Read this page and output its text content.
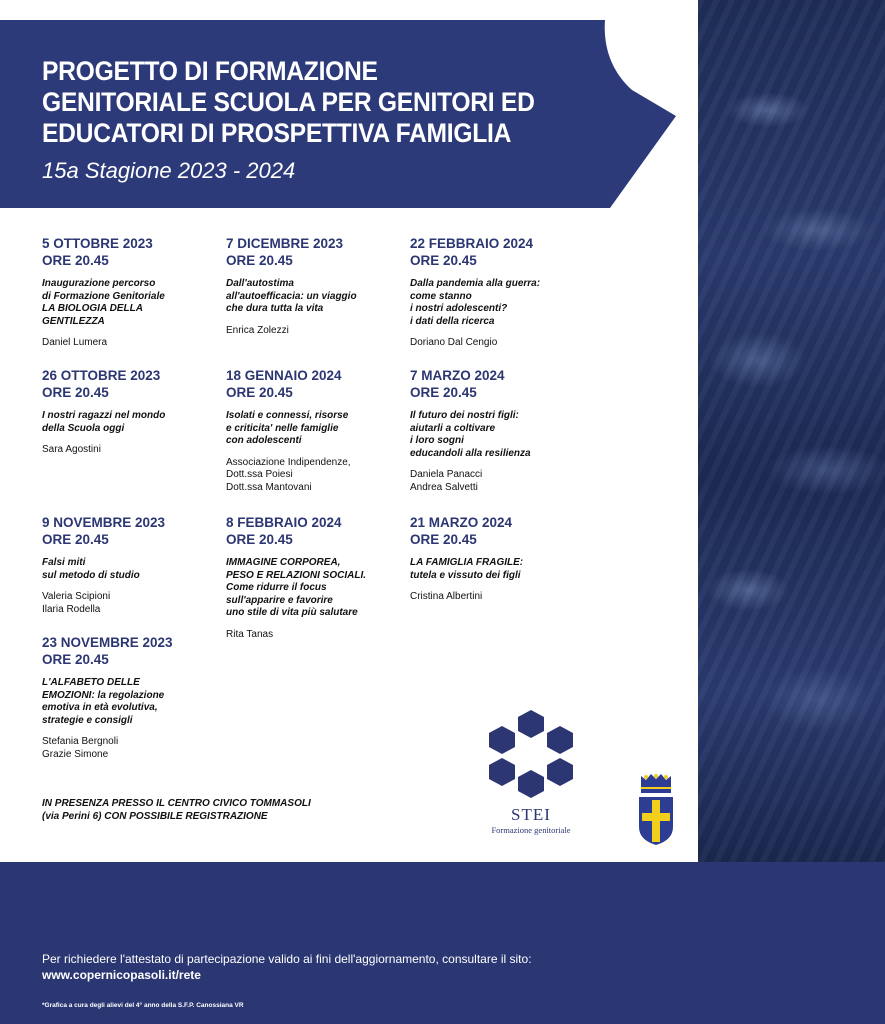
PROGETTO DI FORMAZIONE
GENITORIALE SCUOLA PER GENITORI ED
EDUCATORI DI PROSPETTIVA FAMIGLIA
15a Stagione 2023 - 2024
5 OTTOBRE 2023
ORE 20.45
Inaugurazione percorso
di Formazione Genitoriale
LA BIOLOGIA DELLA
GENTILEZZA
Daniel Lumera
26 OTTOBRE 2023
ORE 20.45
I nostri ragazzi nel mondo
della Scuola oggi
Sara Agostini
9 NOVEMBRE 2023
ORE 20.45
Falsi miti
sul metodo di studio
Valeria Scipioni
Ilaria Rodella
23 NOVEMBRE 2023
ORE 20.45
L'ALFABETO DELLE
EMOZIONI: la regolazione
emotiva in età evolutiva,
strategie e consigli
Stefania Bergnoli
Grazie Simone
7 DICEMBRE 2023
ORE 20.45
Dall'autostima
all'autoefficacia: un viaggio
che dura tutta la vita
Enrica Zolezzi
18 GENNAIO 2024
ORE 20.45
Isolati e connessi, risorse
e criticita' nelle famiglie
con adolescenti
Associazione Indipendenze,
Dott.ssa Poiesi
Dott.ssa Mantovani
8 FEBBRAIO 2024
ORE 20.45
IMMAGINE CORPOREA,
PESO E RELAZIONI SOCIALI.
Come ridurre il focus
sull'apparire e favorire
uno stile di vita più salutare
Rita Tanas
22 FEBBRAIO 2024
ORE 20.45
Dalla pandemia alla guerra:
come stanno
i nostri adolescenti?
i dati della ricerca
Doriano Dal Cengio
7 MARZO 2024
ORE 20.45
Il futuro dei nostri figli:
aiutarli a coltivare
i loro sogni
educandoli alla resilienza
Daniela Panacci
Andrea Salvetti
21 MARZO 2024
ORE 20.45
LA FAMIGLIA FRAGILE:
tutela e vissuto dei figli
Cristina Albertini
IN PRESENZA PRESSO IL CENTRO CIVICO TOMMASOLI
(via Perini 6) CON POSSIBILE REGISTRAZIONE	STEI
Formazione genitoriale
Per richiedere l'attestato di partecipazione valido ai fini dell'aggiornamento, consultare il sito:
www.copernicopasoli.it/rete
*Grafica a cura degli alievi del 4° anno della S.F.P. Canossiana VR
